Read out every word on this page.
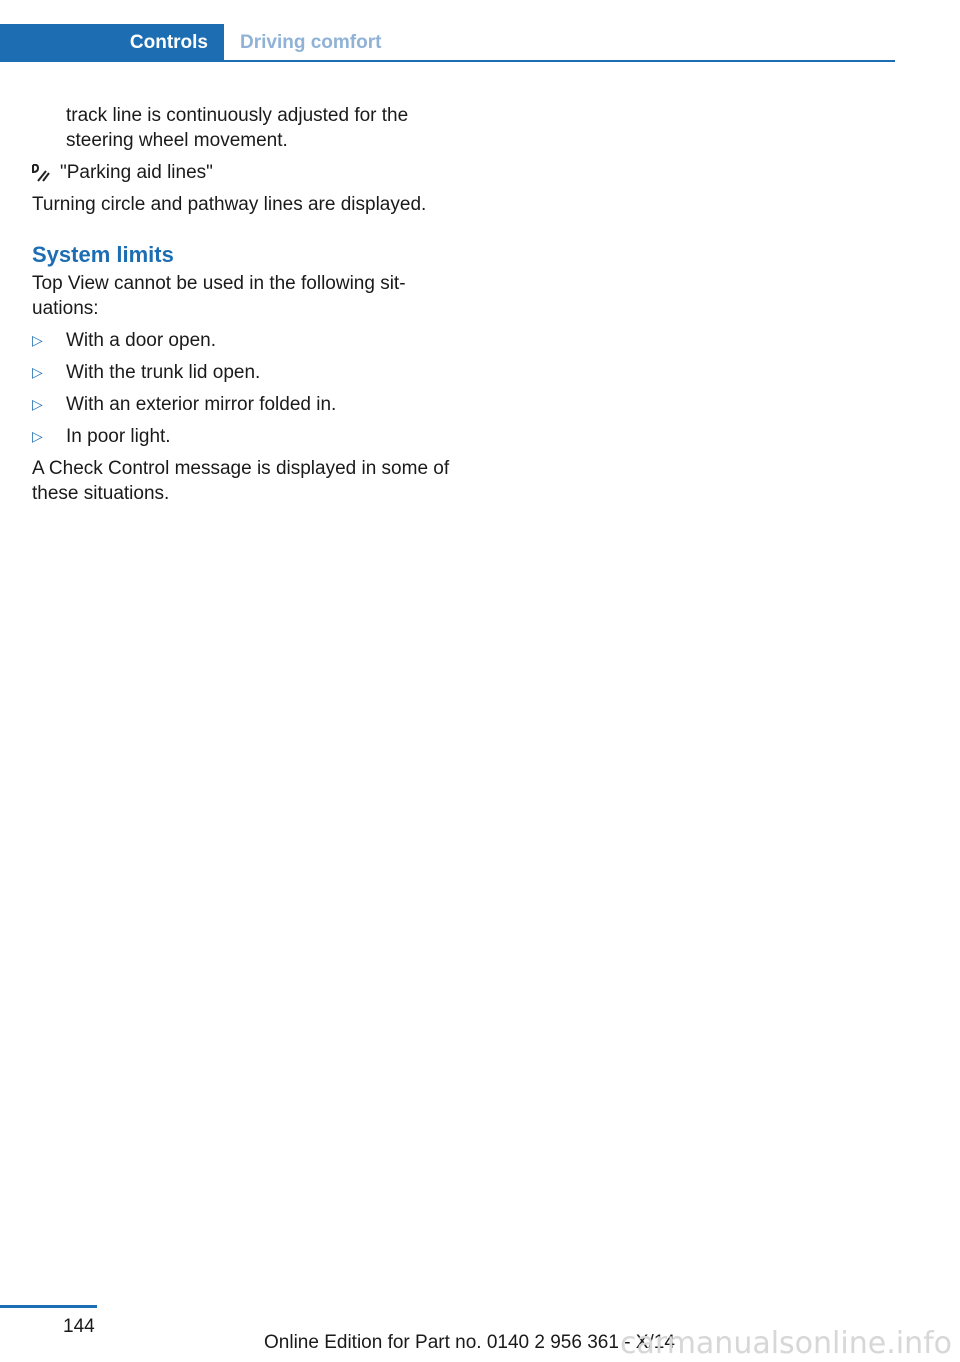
Controls	Driving comfort
track line is continuously adjusted for the steering wheel movement.
"Parking aid lines"
Turning circle and pathway lines are displayed.
System limits
Top View cannot be used in the following sit-uations:
▷	With a door open.
▷	With the trunk lid open.
▷	With an exterior mirror folded in.
▷	In poor light.
A Check Control message is displayed in some of these situations.
144
Online Edition for Part no. 0140 2 956 361 - X/14
carmanualsonline.info
